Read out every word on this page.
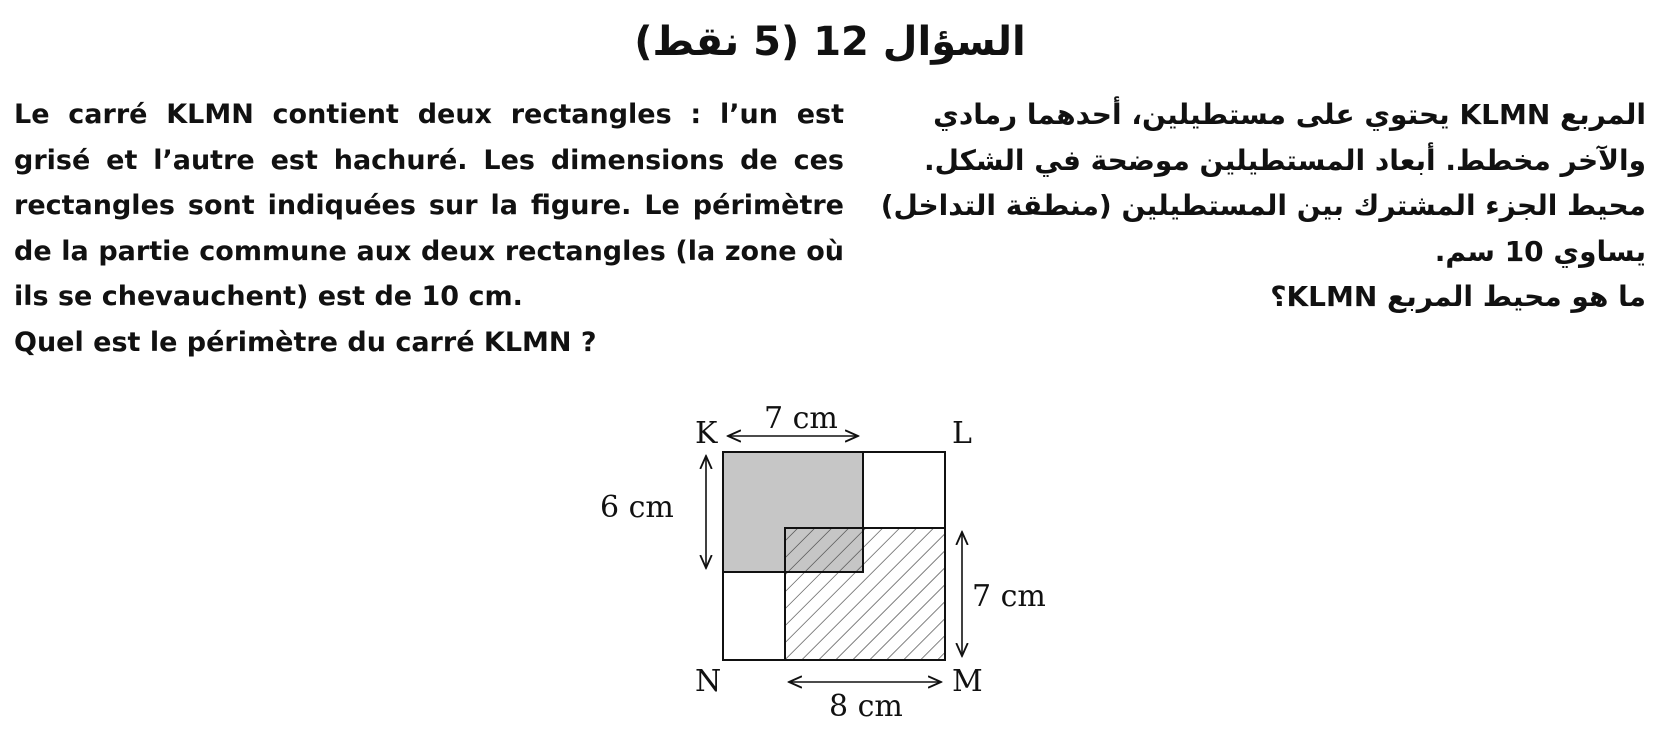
السؤال 12 (5 نقط)
Le carré KLMN contient deux rectangles : l’un est grisé et l’autre est hachuré. Les dimensions de ces rectangles sont indiquées sur la figure. Le périmètre de la partie commune aux deux rectangles (la zone où ils se chevauchent) est de 10 cm.
Quel est le périmètre du carré KLMN ?
المربع KLMN يحتوي على مستطيلين، أحدهما رمادي والآخر مخطط. أبعاد المستطيلين موضحة في الشكل. محيط الجزء المشترك بين المستطيلين (منطقة التداخل) يساوي 10 سم.
ما هو محيط المربع KLMN؟
K	L
N	M
7 cm
6 cm
7 cm
8 cm
